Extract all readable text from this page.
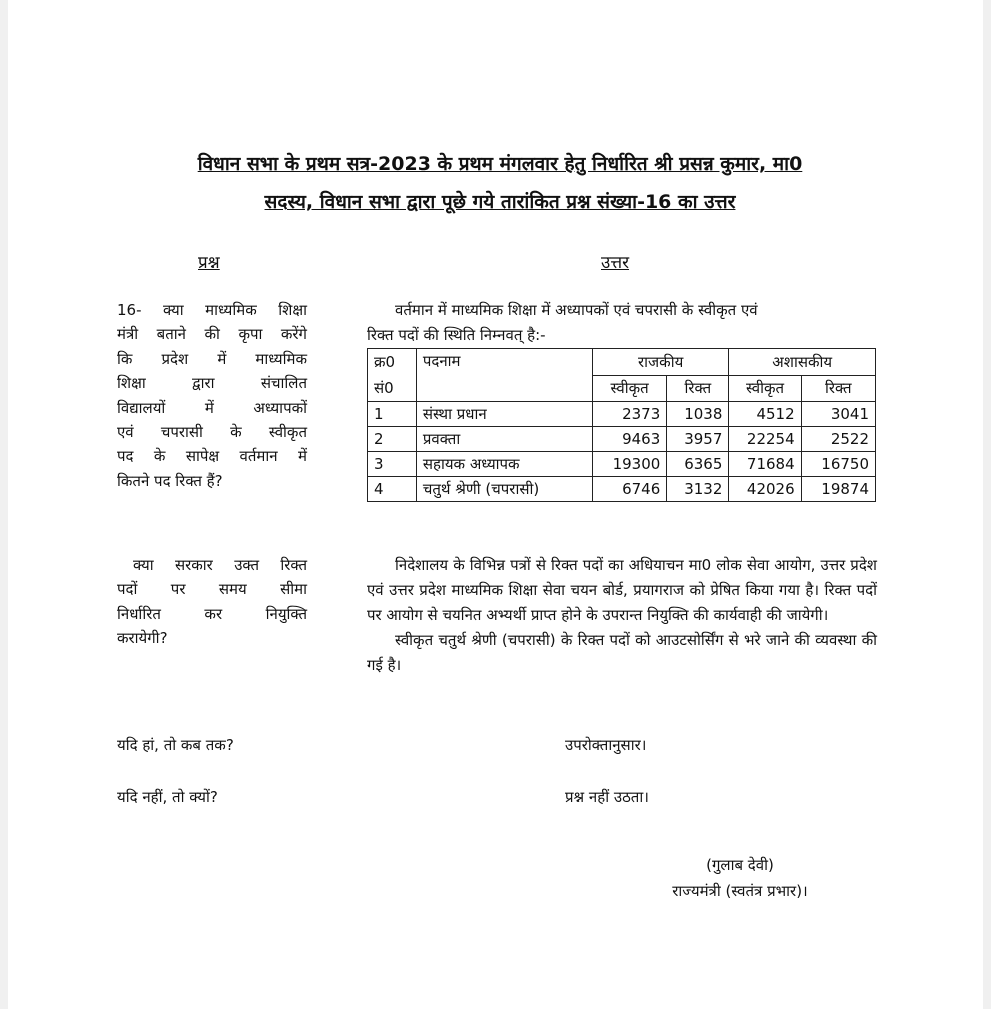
विधान सभा के प्रथम सत्र-2023 के प्रथम मंगलवार हेतु निर्धारित श्री प्रसन्न कुमार, मा0
सदस्य, विधान सभा द्वारा पूछे गये तारांकित प्रश्न संख्या-16 का उत्तर
प्रश्न	उत्तर
16- क्या माध्यमिक शिक्षा
मंत्री बताने की कृपा करेंगे
कि प्रदेश में माध्यमिक
शिक्षा द्वारा संचालित
विद्यालयों में अध्यापकों
एवं चपरासी के स्वीकृत
पद के सापेक्ष वर्तमान में
कितने पद रिक्त हैं?
वर्तमान में माध्यमिक शिक्षा में अध्यापकों एवं चपरासी के स्वीकृत एवं
रिक्त पदों की स्थिति निम्नवत् है:-
क्र0
सं0	पदनाम	राजकीय		अशासकीय	
		स्वीकृत	रिक्त	स्वीकृत	रिक्त
1	संस्था प्रधान	2373	1038	4512	3041
2	प्रवक्ता	9463	3957	22254	2522
3	सहायक अध्यापक	19300	6365	71684	16750
4	चतुर्थ श्रेणी (चपरासी)	6746	3132	42026	19874
क्या सरकार उक्त रिक्त
पदों पर समय सीमा
निर्धारित कर नियुक्ति
करायेगी?

निदेशालय के विभिन्न पत्रों से रिक्त पदों का अधियाचन मा0 लोक सेवा आयोग, उत्तर प्रदेश एवं उत्तर प्रदेश माध्यमिक शिक्षा सेवा चयन बोर्ड, प्रयागराज को प्रेषित किया गया है। रिक्त पदों पर आयोग से चयनित अभ्यर्थी प्राप्त होने के उपरान्त नियुक्ति की कार्यवाही की जायेगी।

स्वीकृत चतुर्थ श्रेणी (चपरासी) के रिक्त पदों को आउटसोर्सिंग से भरे जाने की व्यवस्था की गई है।

यदि हां, तो कब तक?	उपरोक्तानुसार।
यदि नहीं, तो क्यों?	प्रश्न नहीं उठता।
(गुलाब देवी)
राज्यमंत्री (स्वतंत्र प्रभार)।
